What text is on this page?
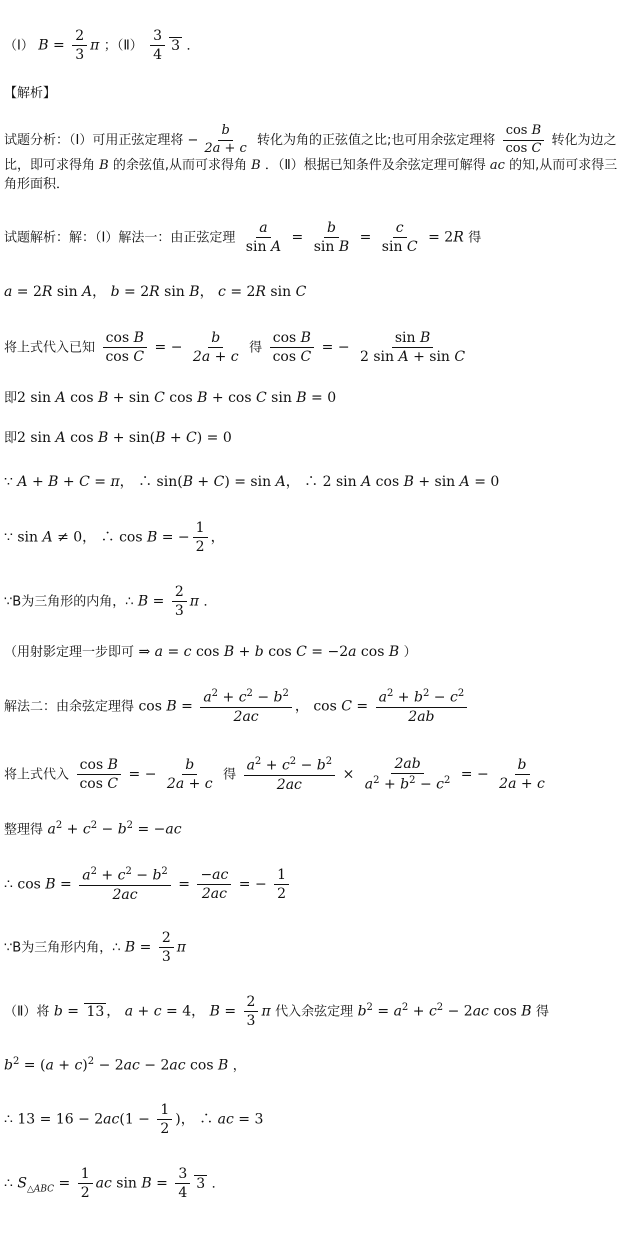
（Ⅰ） $B = \frac{2}{3}$ π ；（Ⅱ） $\frac{3}{4} 3$ ．
【解析】
试题分析：（Ⅰ）可用正弦定理将 − $\frac{b}{2a + c}$ 转化为角的正弦值之比;也可用余弦定理将 $\frac{\text{cos B}}{\text{cos C}}$ 转化为边之比，即可求得角 B 的余弦值,从而可求得角 B ．（Ⅱ）根据已知条件及余弦定理可解得 ac 的知,从而可求得三角形面积．
试题解析：解：（Ⅰ）解法一：由正弦定理 $\frac{a}{\text{sin A}} = \frac{b}{\text{sin B}} = \frac{c}{\text{sin C}} = 2R$ 得
a = 2R sin A， b = 2R sin B， c = 2R sin C
将上式代入已知 $\frac{\text{cos B}}{\text{cos C}}$ = − $\frac{b}{2a + c}$ 得 $\frac{\text{cos B}}{\text{cos C}}$ = − $\frac{\text{sin B}}{\text{2 sin A + sin C}}$
即2 sin A cos B + sin C cos B + cos C sin B = 0
即2 sin A cos B + sin(B + C) = 0
∵ A + B + C = π， ∴ sin(B + C) = sin A， ∴ 2 sin A cos B + sin A = 0
∵ sin A ≠ 0， ∴ cos B = − $\frac{1}{2}$ ，
∵B为三角形的内角，∴ $B = \frac{2}{3}$ π ．
（用射影定理一步即可 ⇒ a = c cos B + b cos C = −2a cos B ）
解法二：由余弦定理得 $\cos B = \frac{a^2 + c^2 - b^2}{2ac}$ ， $\cos C = \frac{a^2 + b^2 - c^2}{2ab}$
将上式代入 $\frac{\text{cos B}}{\text{cos C}}$ = − $\frac{b}{2a + c}$ 得 $\frac{a^2 + c^2 - b^2}{2ac} \times \frac{2ab}{a^2 + b^2 - c^2}$ = − $\frac{b}{2a + c}$
整理得 $a^2 + c^2 - b^2 = -ac$
∴ $\cos B = \frac{a^2 + c^2 - b^2}{2ac} = \frac{-ac}{2ac}$ = − $\frac{1}{2}$
∵B为三角形内角，∴ $B = \frac{2}{3}$ π
（Ⅱ）将 b = 13 ， a + c = 4， $B = \frac{2}{3}$ π 代入余弦定理 $b^2 = a^2 + c^2 - 2ac$ cos B 得
$b^2 = (a + c)^2 - 2ac - 2ac$ cos B ，
∴ $13 = 16 - 2ac(1 - \frac{1}{2}$ )， ∴ ac = 3
∴ $S_{\triangle ABC} = \frac{1}{2}$ ac $\sin B = \frac{3}{4} 3$ ．
